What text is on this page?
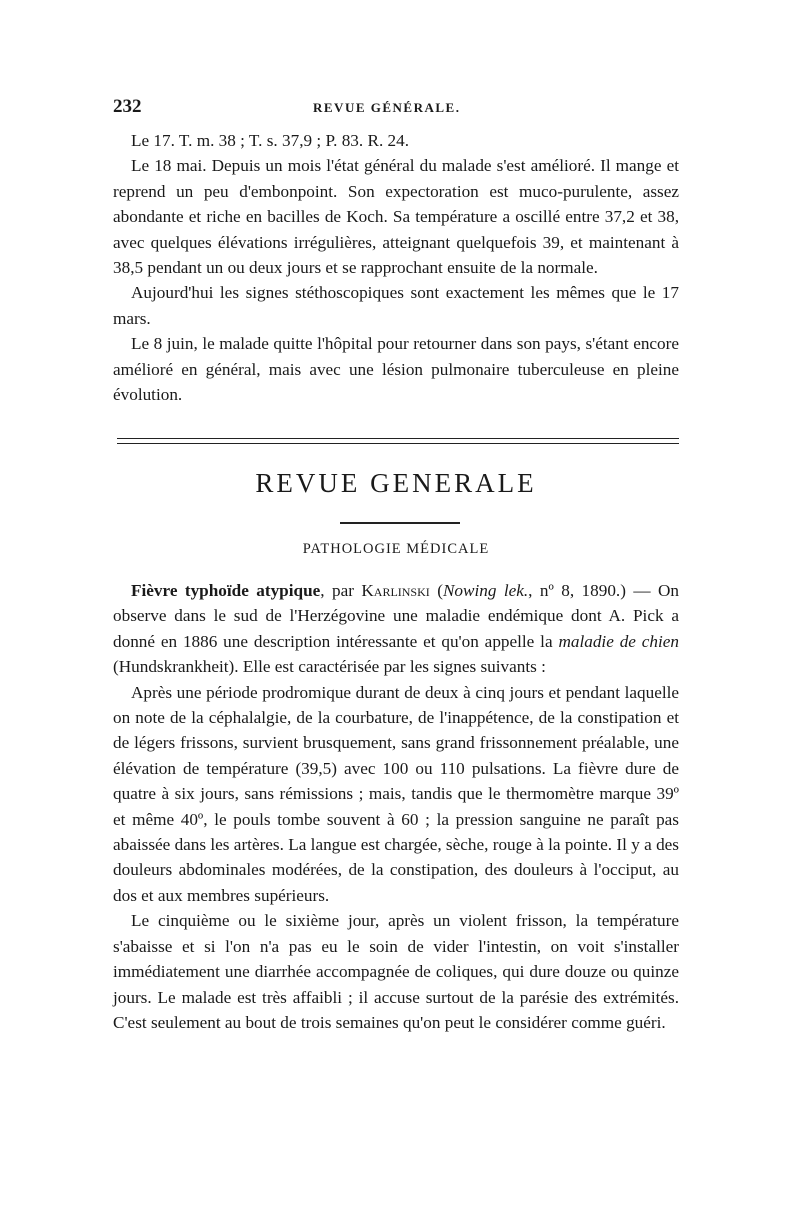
232	REVUE GÉNÉRALE.

Le 17. T. m. 38 ; T. s. 37,9 ; P. 83. R. 24.

Le 18 mai. Depuis un mois l'état général du malade s'est amélioré. Il mange et reprend un peu d'embonpoint. Son expectoration est muco-purulente, assez abondante et riche en bacilles de Koch. Sa température a oscillé entre 37,2 et 38, avec quelques élévations irrégulières, atteignant quelquefois 39, et maintenant à 38,5 pendant un ou deux jours et se rapprochant ensuite de la normale.

Aujourd'hui les signes stéthoscopiques sont exactement les mêmes que le 17 mars.

Le 8 juin, le malade quitte l'hôpital pour retourner dans son pays, s'étant encore amélioré en général, mais avec une lésion pulmonaire tuberculeuse en pleine évolution.

REVUE GENERALE
PATHOLOGIE MÉDICALE

Fièvre typhoïde atypique, par Karlinski (Nowing lek., nº 8, 1890.) — On observe dans le sud de l'Herzégovine une maladie endémique dont A. Pick a donné en 1886 une description intéressante et qu'on appelle la maladie de chien (Hundskrankheit). Elle est caractérisée par les signes suivants :

Après une période prodromique durant de deux à cinq jours et pendant laquelle on note de la céphalalgie, de la courbature, de l'inappétence, de la constipation et de légers frissons, survient brusquement, sans grand frissonnement préalable, une élévation de température (39,5) avec 100 ou 110 pulsations. La fièvre dure de quatre à six jours, sans rémissions ; mais, tandis que le thermomètre marque 39º et même 40º, le pouls tombe souvent à 60 ; la pression sanguine ne paraît pas abaissée dans les artères. La langue est chargée, sèche, rouge à la pointe. Il y a des douleurs abdominales modérées, de la constipation, des douleurs à l'occiput, au dos et aux membres supérieurs.

Le cinquième ou le sixième jour, après un violent frisson, la température s'abaisse et si l'on n'a pas eu le soin de vider l'intestin, on voit s'installer immédiatement une diarrhée accompagnée de coliques, qui dure douze ou quinze jours. Le malade est très affaibli ; il accuse surtout de la parésie des extrémités. C'est seulement au bout de trois semaines qu'on peut le considérer comme guéri.
